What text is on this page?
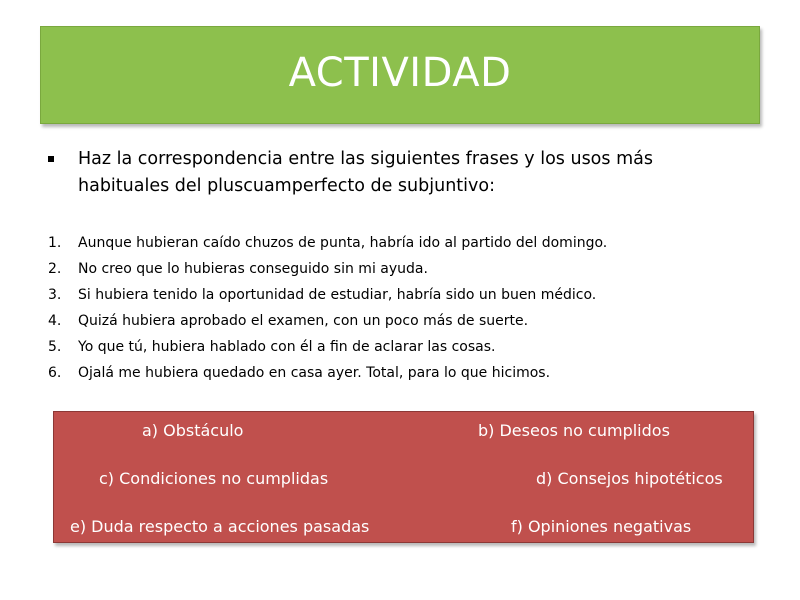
ACTIVIDAD
Haz la correspondencia entre las siguientes frases y los usos más habituales del pluscuamperfecto de subjuntivo:
1.	Aunque hubieran caído chuzos de punta, habría ido al partido del domingo.
2.	No creo que lo hubieras conseguido sin mi ayuda.
3.	Si hubiera tenido la oportunidad de estudiar, habría sido un buen médico.
4.	Quizá hubiera aprobado el examen, con un poco más de suerte.
5.	Yo que tú, hubiera hablado con él a fin de aclarar las cosas.
6.	Ojalá me hubiera quedado en casa ayer. Total, para lo que hicimos.
a) Obstáculo	b) Deseos no cumplidos
c) Condiciones no cumplidas	d) Consejos hipotéticos
e) Duda respecto a acciones pasadas	f) Opiniones negativas
